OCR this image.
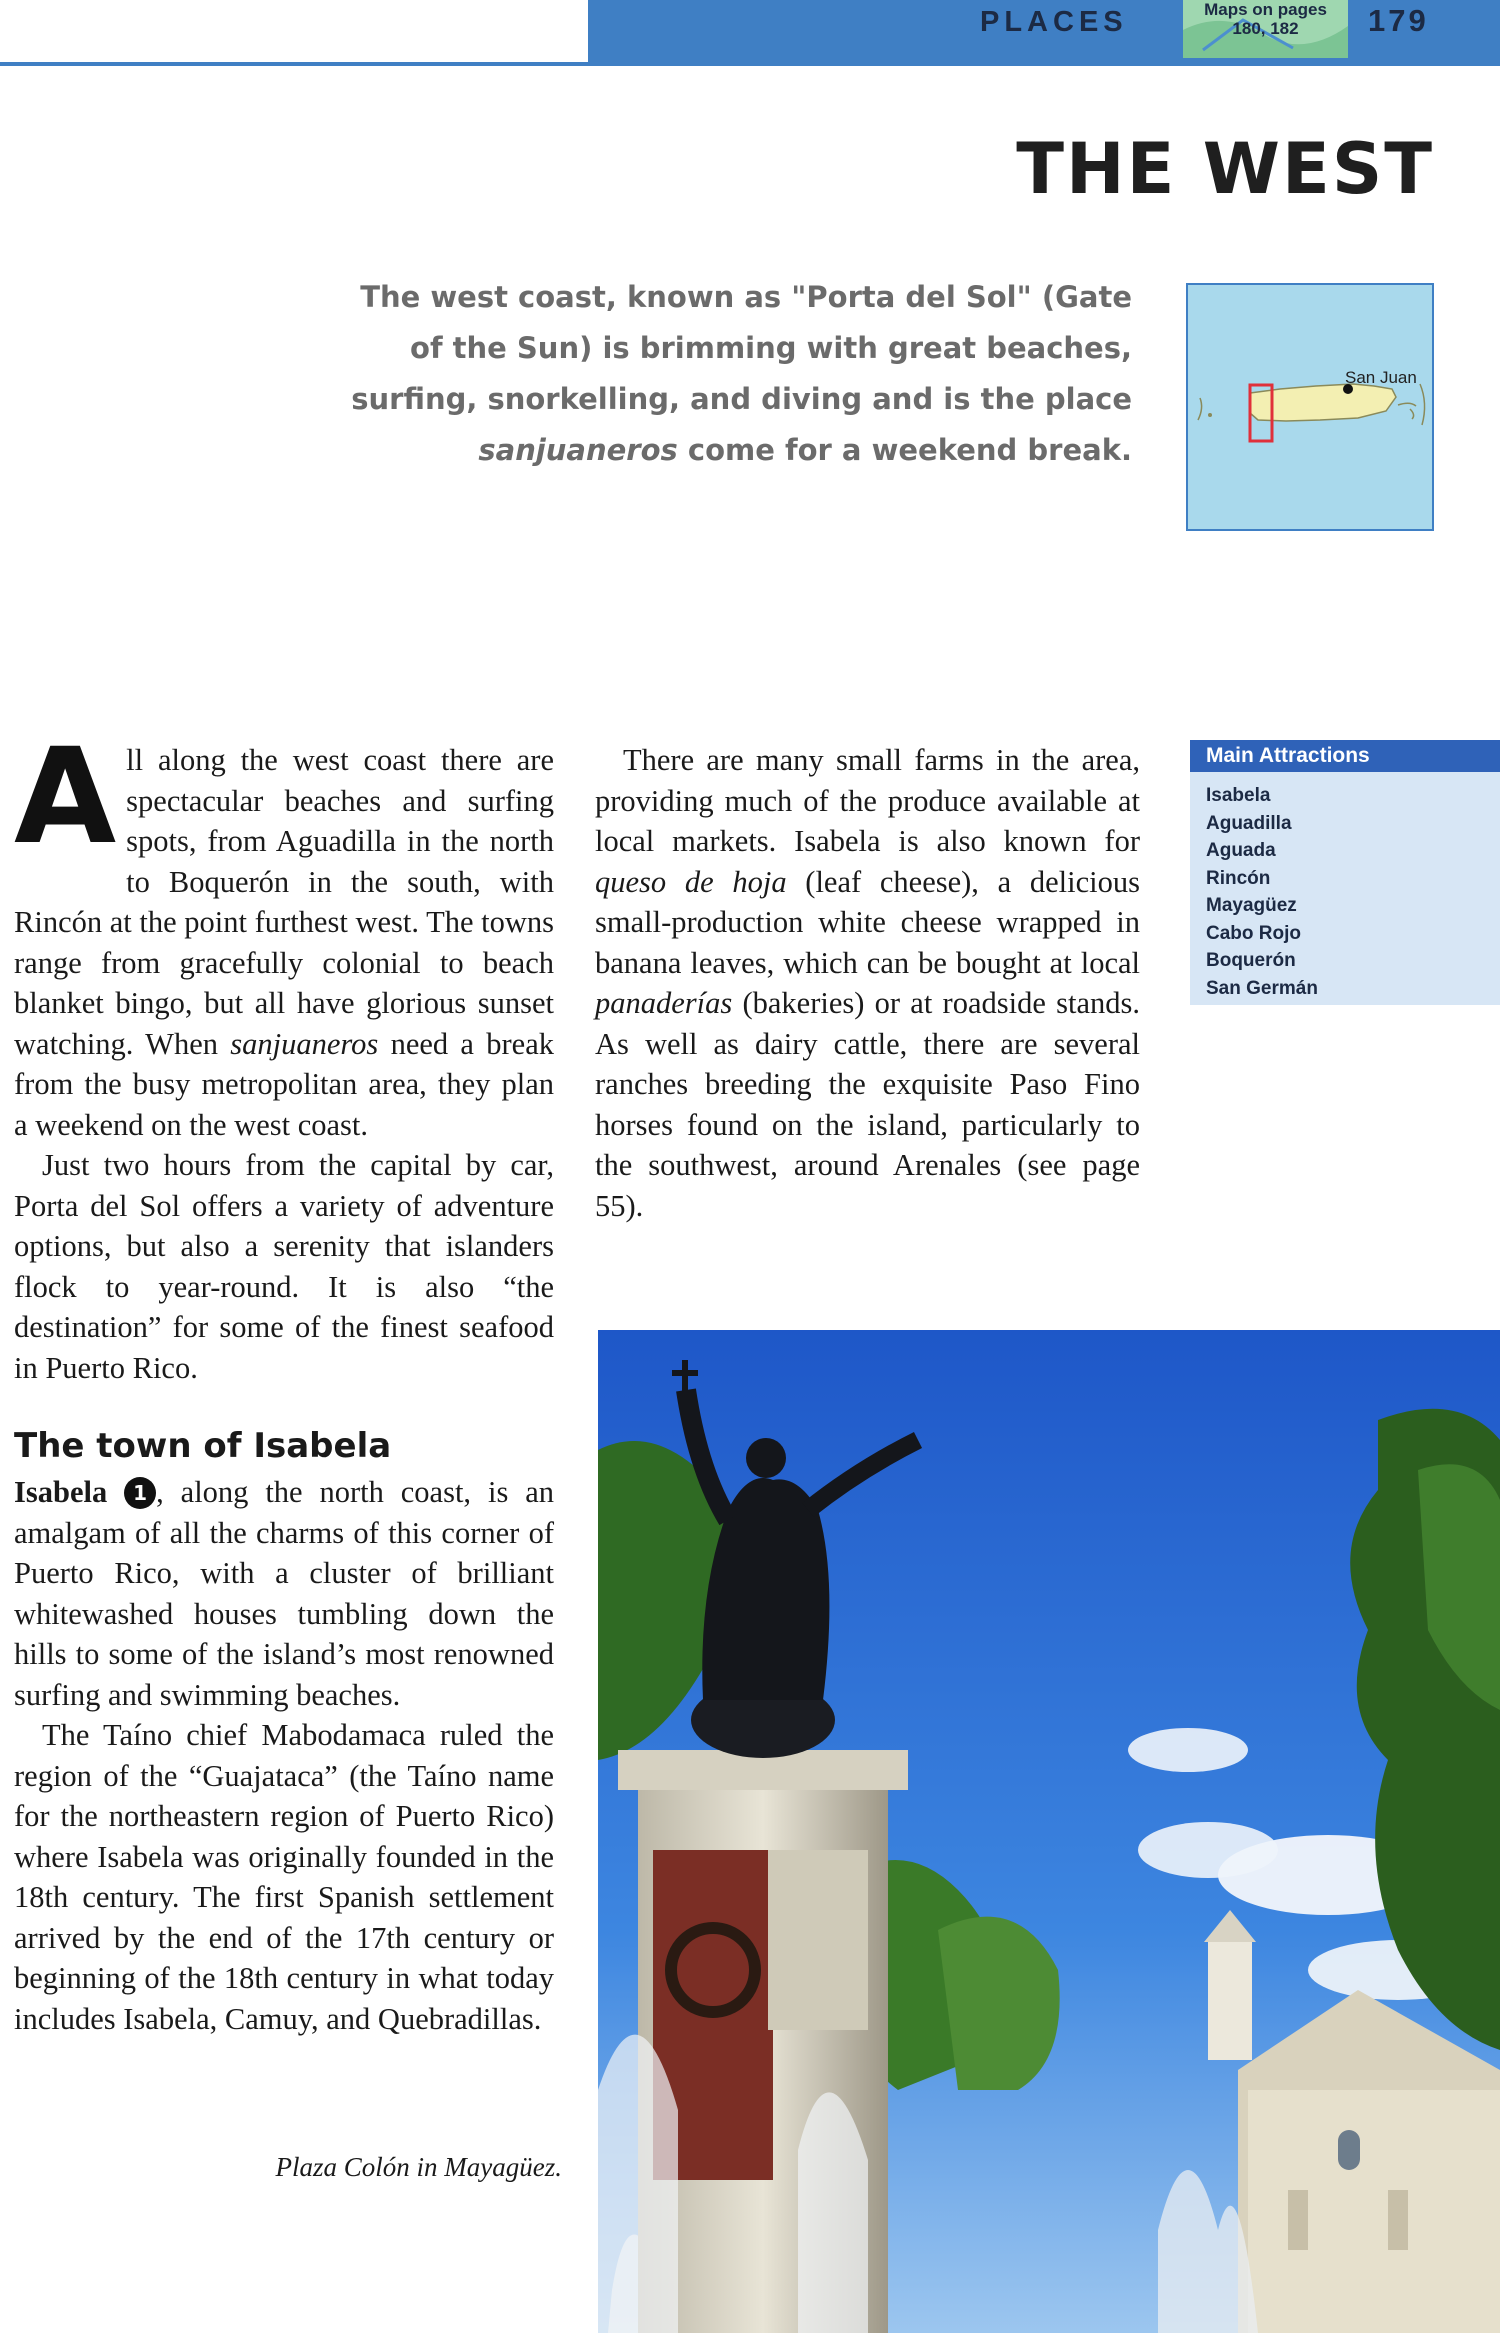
PLACES	Maps on pages
180, 182	179
THE WEST
The west coast, known as "Porta del Sol" (Gate
of the Sun) is brimming with great beaches,
surfing, snorkelling, and diving and is the place
sanjuaneros come for a weekend break.
San Juan

All along the west coast there are spectacular beaches and surfing spots, from Aguadilla in the north to Boquerón in the south, with Rincón at the point furthest west. The towns range from gracefully colonial to beach blanket bingo, but all have glorious sunset watching. When sanjuaneros need a break from the busy metropolitan area, they plan a weekend on the west coast.

Just two hours from the capital by car, Porta del Sol offers a variety of adventure options, but also a serenity that islanders flock to year-round. It is also “the destination” for some of the finest seafood in Puerto Rico.

The town of Isabela

Isabela 1 , along the north coast, is an amalgam of all the charms of this corner of Puerto Rico, with a cluster of brilliant whitewashed houses tumbling down the hills to some of the island’s most renowned surfing and swimming beaches.

The Taíno chief Mabodamaca ruled the region of the “Guajataca” (the Taíno name for the northeastern region of Puerto Rico) where Isabela was originally founded in the 18th century. The first Spanish settlement arrived by the end of the 17th century or beginning of the 18th century in what today includes Isabela, Camuy, and Quebradillas.

There are many small farms in the area, providing much of the produce available at local markets. Isabela is also known for queso de hoja (leaf cheese), a delicious small-production white cheese wrapped in banana leaves, which can be bought at local panaderías (bakeries) or at roadside stands. As well as dairy cattle, there are several ranches breeding the exquisite Paso Fino horses found on the island, particularly to the southwest, around Arenales (see page 55).

Main Attractions
Isabela
Aguadilla
Aguada
Rincón
Mayagüez
Cabo Rojo
Boquerón
San Germán
Plaza Colón in Mayagüez.
